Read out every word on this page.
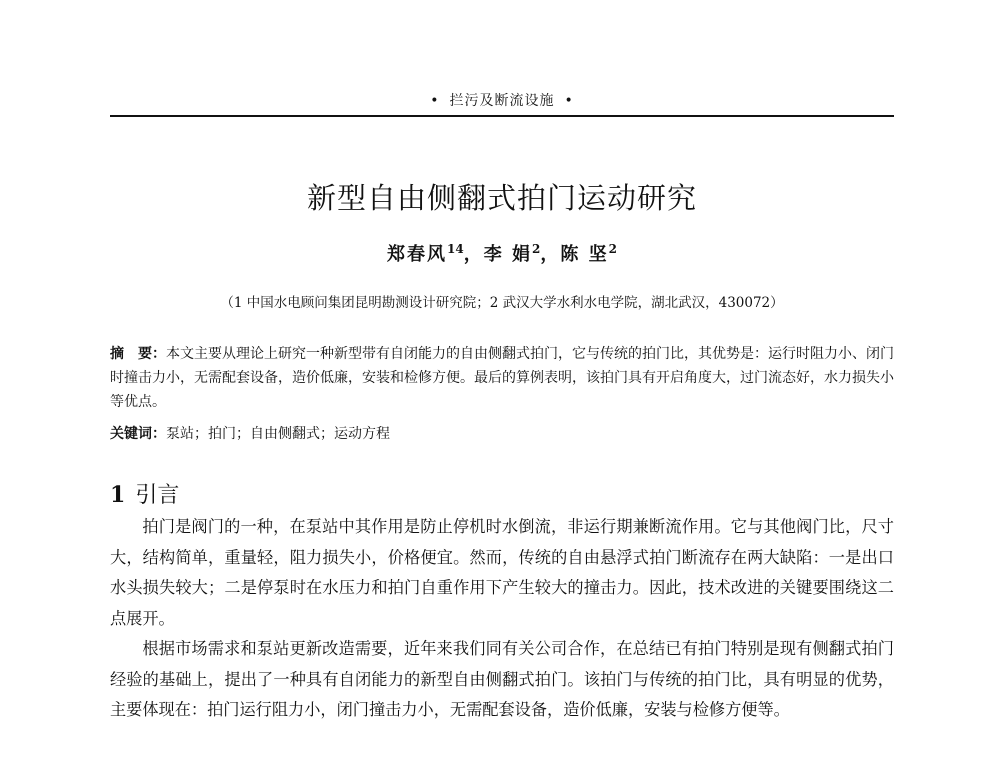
• 拦污及断流设施 •
新型自由侧翻式拍门运动研究
郑春风$^{14}$，李 娟$^2$，陈 坚$^2$
（1 中国水电顾问集团昆明勘测设计研究院；2 武汉大学水利水电学院，湖北武汉，430072）
摘　要：本文主要从理论上研究一种新型带有自闭能力的自由侧翻式拍门，它与传统的拍门比，其优势是：运行时阻力小、闭门时撞击力小，无需配套设备，造价低廉，安装和检修方便。最后的算例表明，该拍门具有开启角度大，过门流态好，水力损失小等优点。
关键词：泵站；拍门；自由侧翻式；运动方程
1 引言

拍门是阀门的一种，在泵站中其作用是防止停机时水倒流，非运行期兼断流作用。它与其他阀门比，尺寸大，结构简单，重量轻，阻力损失小，价格便宜。然而，传统的自由悬浮式拍门断流存在两大缺陷：一是出口水头损失较大；二是停泵时在水压力和拍门自重作用下产生较大的撞击力。因此，技术改进的关键要围绕这二点展开。

根据市场需求和泵站更新改造需要，近年来我们同有关公司合作，在总结已有拍门特别是现有侧翻式拍门经验的基础上，提出了一种具有自闭能力的新型自由侧翻式拍门。该拍门与传统的拍门比，具有明显的优势，主要体现在：拍门运行阻力小，闭门撞击力小，无需配套设备，造价低廉，安装与检修方便等。
